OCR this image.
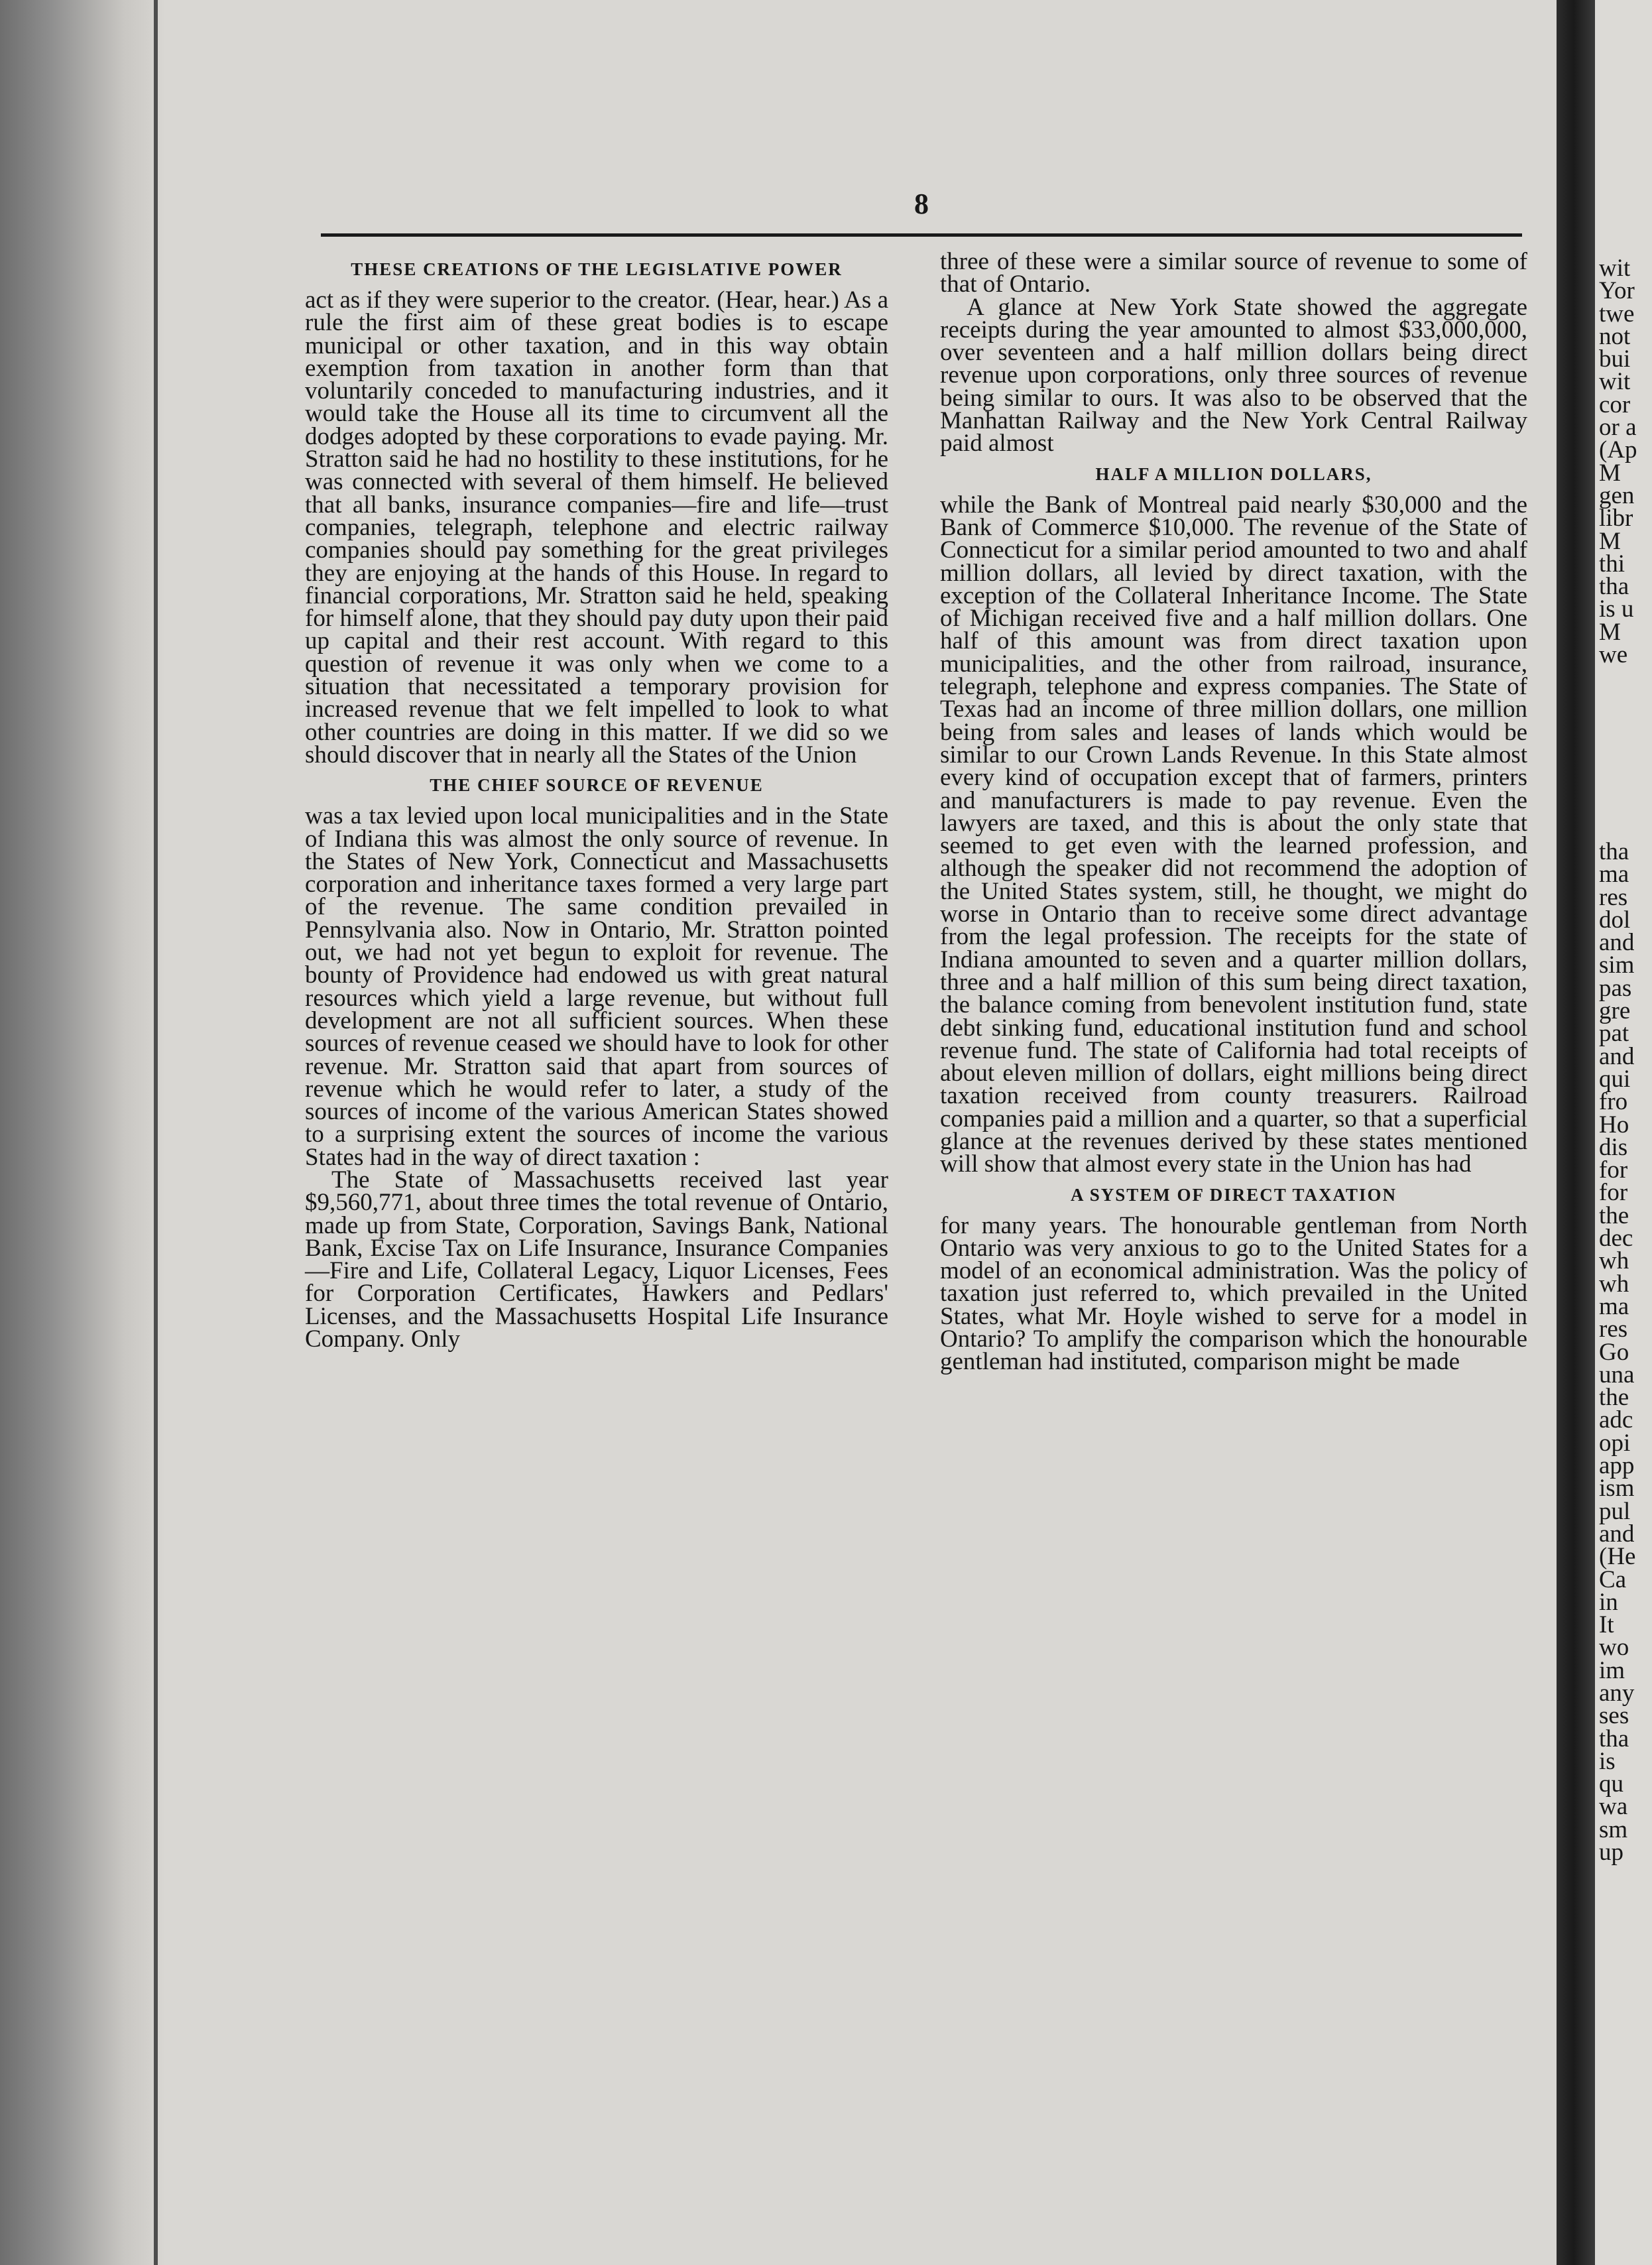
8
THESE CREATIONS OF THE LEGISLATIVE POWER

act as if they were superior to the creator. (Hear, hear.) As a rule the first aim of these great bodies is to escape municipal or other taxation, and in this way obtain exemption from taxation in another form than that voluntarily conceded to manufacturing industries, and it would take the House all its time to circumvent all the dodges adopted by these corporations to evade paying. Mr. Stratton said he had no hostility to these institutions, for he was connected with several of them himself. He believed that all banks, insurance companies—fire and life—trust companies, telegraph, telephone and electric railway companies should pay something for the great privileges they are enjoying at the hands of this House. In regard to financial corporations, Mr. Stratton said he held, speaking for himself alone, that they should pay duty upon their paid up capital and their rest account. With regard to this question of revenue it was only when we come to a situation that necessitated a temporary provision for increased revenue that we felt impelled to look to what other countries are doing in this matter. If we did so we should discover that in nearly all the States of the Union

THE CHIEF SOURCE OF REVENUE

was a tax levied upon local municipalities and in the State of Indiana this was almost the only source of revenue. In the States of New York, Connecticut and Massachusetts corporation and inheritance taxes formed a very large part of the revenue. The same condition prevailed in Pennsylvania also. Now in Ontario, Mr. Stratton pointed out, we had not yet begun to exploit for revenue. The bounty of Providence had endowed us with great natural resources which yield a large revenue, but without full development are not all sufficient sources. When these sources of revenue ceased we should have to look for other revenue. Mr. Stratton said that apart from sources of revenue which he would refer to later, a study of the sources of income of the various American States showed to a surprising extent the sources of income the various States had in the way of direct taxation :

The State of Massachusetts received last year $9,560,771, about three times the total revenue of Ontario, made up from State, Corporation, Savings Bank, National Bank, Excise Tax on Life Insurance, Insurance Companies—Fire and Life, Collateral Legacy, Liquor Licenses, Fees for Corporation Certificates, Hawkers and Pedlars' Licenses, and the Massachusetts Hospital Life Insurance Company. Only

three of these were a similar source of revenue to some of that of Ontario.

A glance at New York State showed the aggregate receipts during the year amounted to almost $33,000,000, over seventeen and a half million dollars being direct revenue upon corporations, only three sources of revenue being similar to ours. It was also to be observed that the Manhattan Railway and the New York Central Railway paid almost

HALF A MILLION DOLLARS,

while the Bank of Montreal paid nearly $30,000 and the Bank of Commerce $10,000. The revenue of the State of Connecticut for a similar period amounted to two and ahalf million dollars, all levied by direct taxation, with the exception of the Collateral Inheritance Income. The State of Michigan received five and a half million dollars. One half of this amount was from direct taxation upon municipalities, and the other from railroad, insurance, telegraph, telephone and express companies. The State of Texas had an income of three million dollars, one million being from sales and leases of lands which would be similar to our Crown Lands Revenue. In this State almost every kind of occupation except that of farmers, printers and manufacturers is made to pay revenue. Even the lawyers are taxed, and this is about the only state that seemed to get even with the learned profession, and although the speaker did not recommend the adoption of the United States system, still, he thought, we might do worse in Ontario than to receive some direct advantage from the legal profession. The receipts for the state of Indiana amounted to seven and a quarter million dollars, three and a half million of this sum being direct taxation, the balance coming from benevolent institution fund, state debt sinking fund, educational institution fund and school revenue fund. The state of California had total receipts of about eleven million of dollars, eight millions being direct taxation received from county treasurers. Railroad companies paid a million and a quarter, so that a superficial glance at the revenues derived by these states mentioned will show that almost every state in the Union has had

A SYSTEM OF DIRECT TAXATION

for many years. The honourable gentleman from North Ontario was very anxious to go to the United States for a model of an economical administration. Was the policy of taxation just referred to, which prevailed in the United States, what Mr. Hoyle wished to serve for a model in Ontario? To amplify the comparison which the honourable gentleman had instituted, comparison might be made

wit
Yor
twe
not
bui
wit
cor
or a
(Ap
M
gen
libr
M
thi
tha
is u
M
we
tha
ma
res
dol
and
sim
pas
gre
pat
and
qui
fro
Ho
dis
for
for
the
dec
wh
wh
ma
res
Go
una
the
adc
opi
app
ism
pul
and
(He
Ca
in
It
wo
im
any
ses
tha
is
qu
wa
sm
up
